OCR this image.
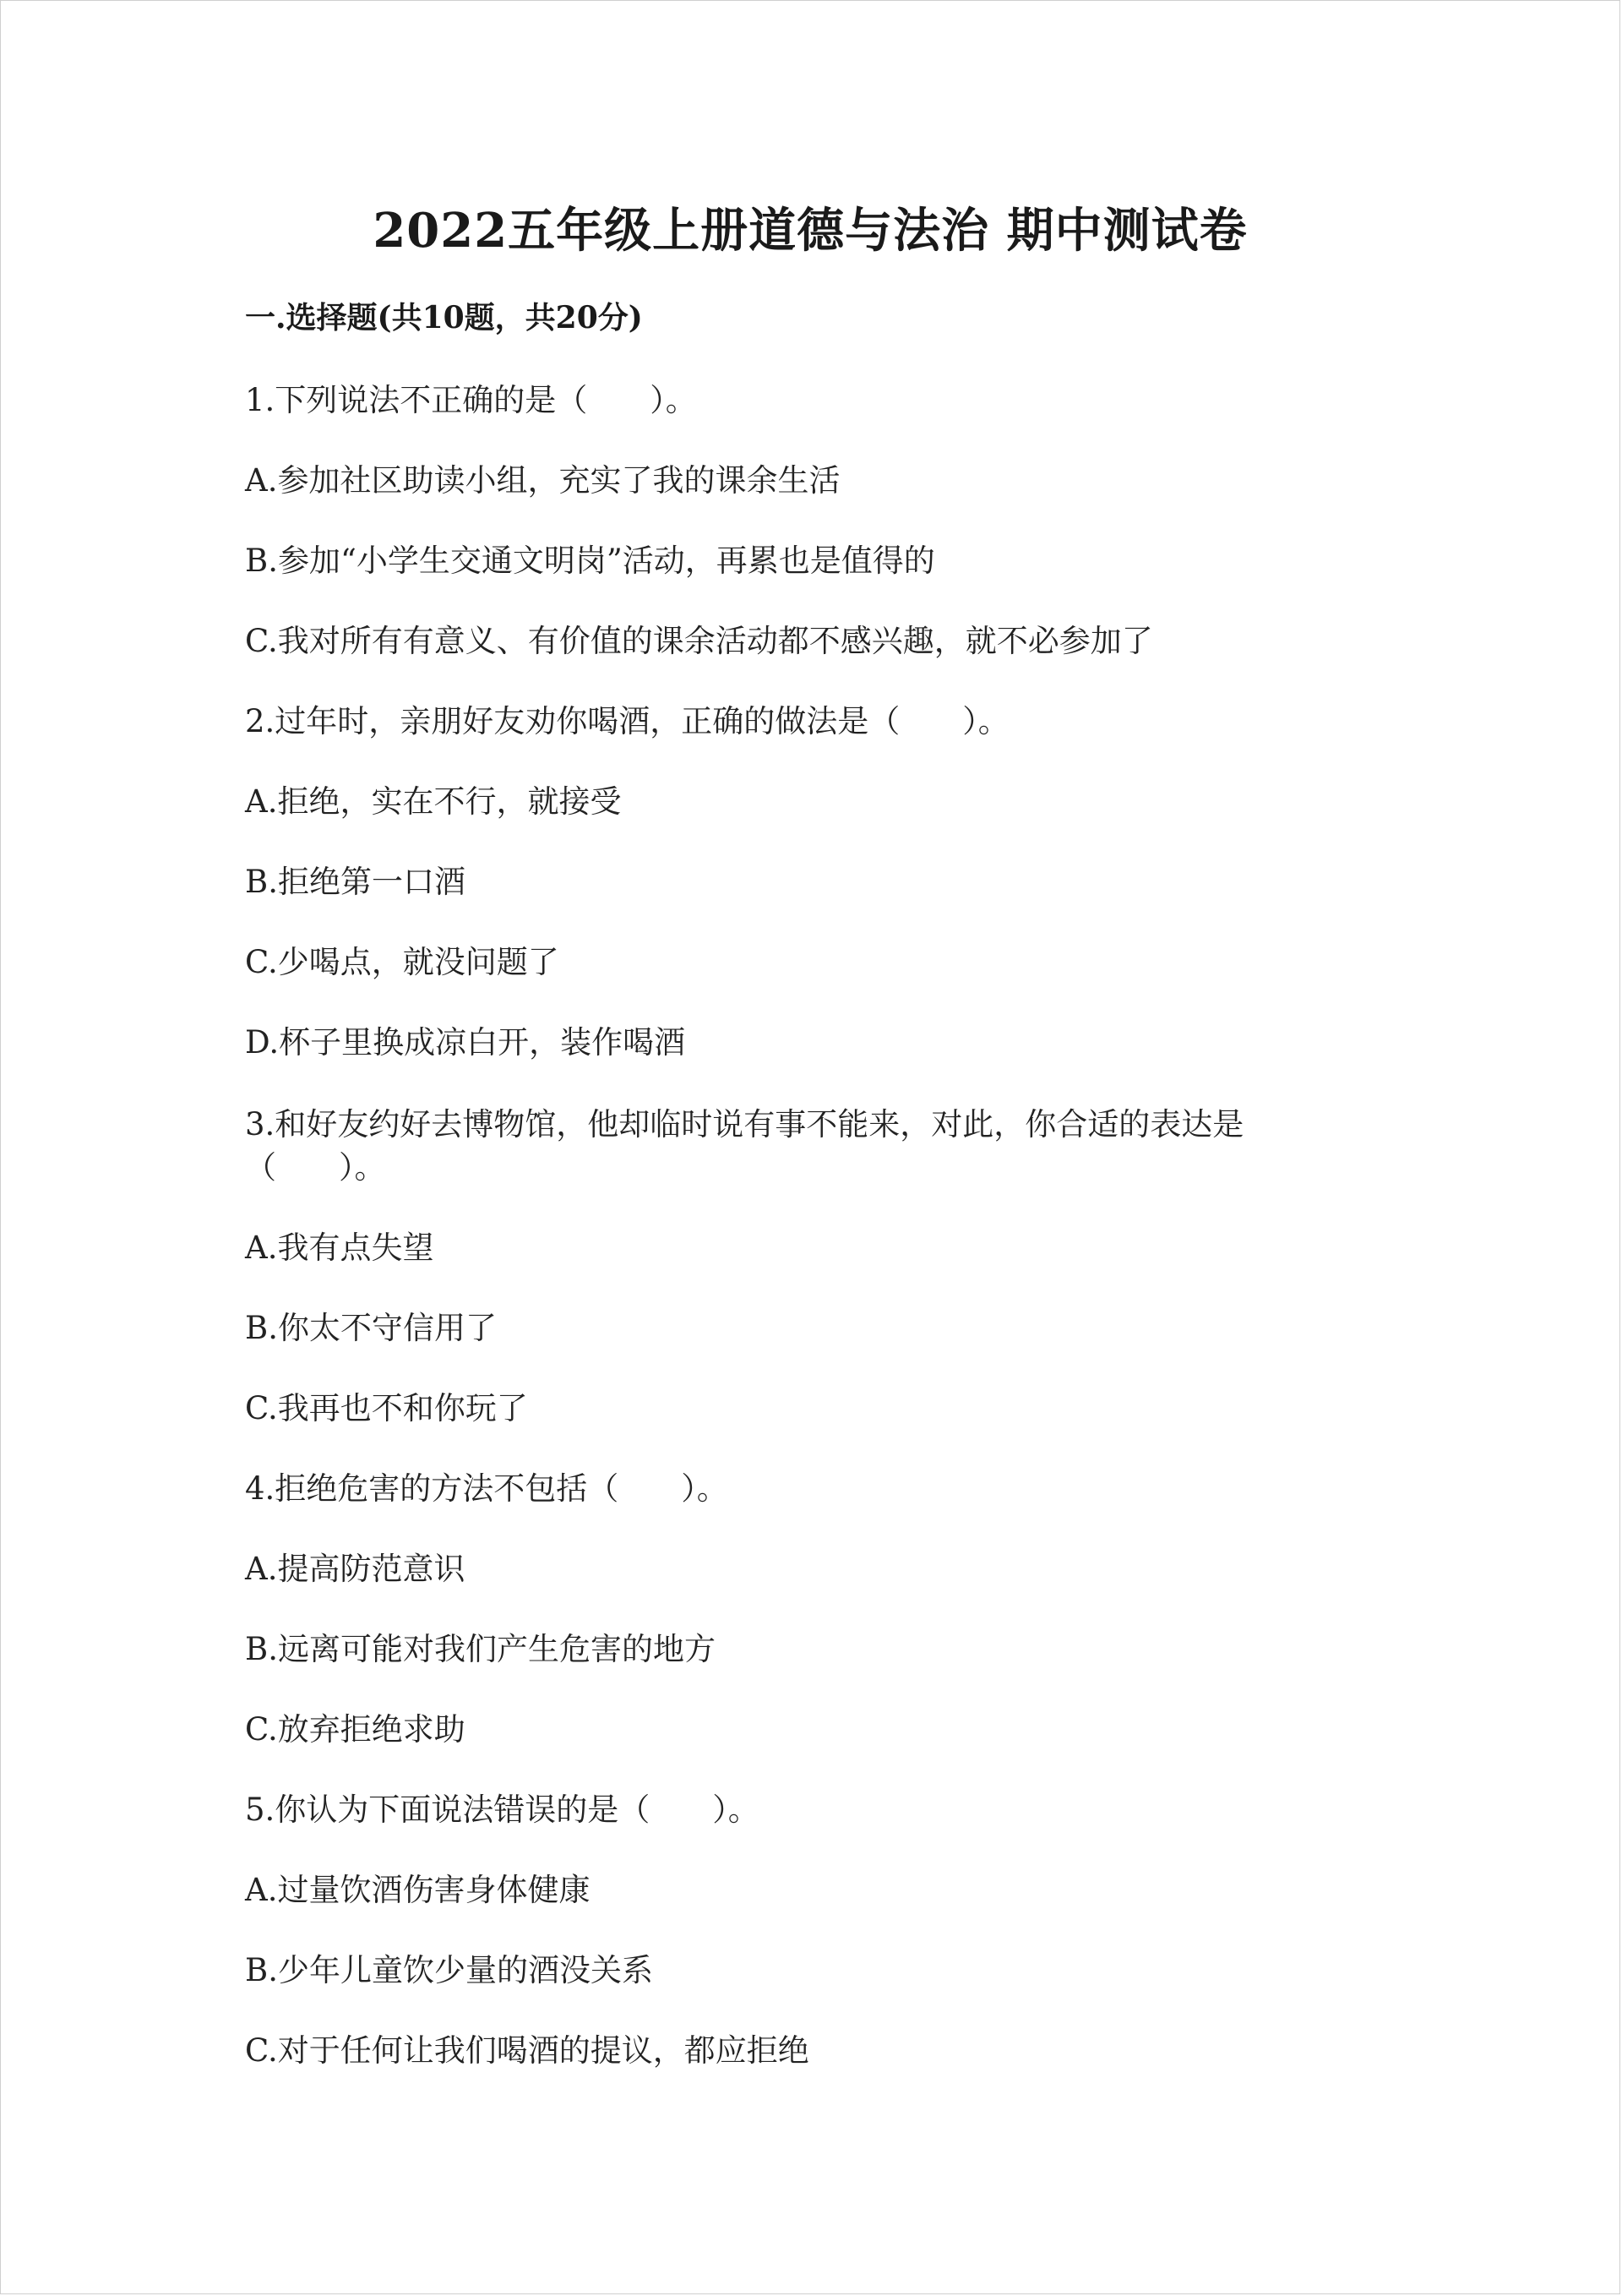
2022五年级上册道德与法治 期中测试卷
一.选择题(共10题，共20分)
1.下列说法不正确的是（　　）。
A.参加社区助读小组，充实了我的课余生活
B.参加“小学生交通文明岗”活动，再累也是值得的
C.我对所有有意义、有价值的课余活动都不感兴趣，就不必参加了
2.过年时，亲朋好友劝你喝酒，正确的做法是（　　）。
A.拒绝，实在不行，就接受
B.拒绝第一口酒
C.少喝点，就没问题了
D.杯子里换成凉白开，装作喝酒
3.和好友约好去博物馆，他却临时说有事不能来，对此，你合适的表达是
（　　）。
A.我有点失望
B.你太不守信用了
C.我再也不和你玩了
4.拒绝危害的方法不包括（　　）。
A.提高防范意识
B.远离可能对我们产生危害的地方
C.放弃拒绝求助
5.你认为下面说法错误的是（　　）。
A.过量饮酒伤害身体健康
B.少年儿童饮少量的酒没关系
C.对于任何让我们喝酒的提议，都应拒绝
